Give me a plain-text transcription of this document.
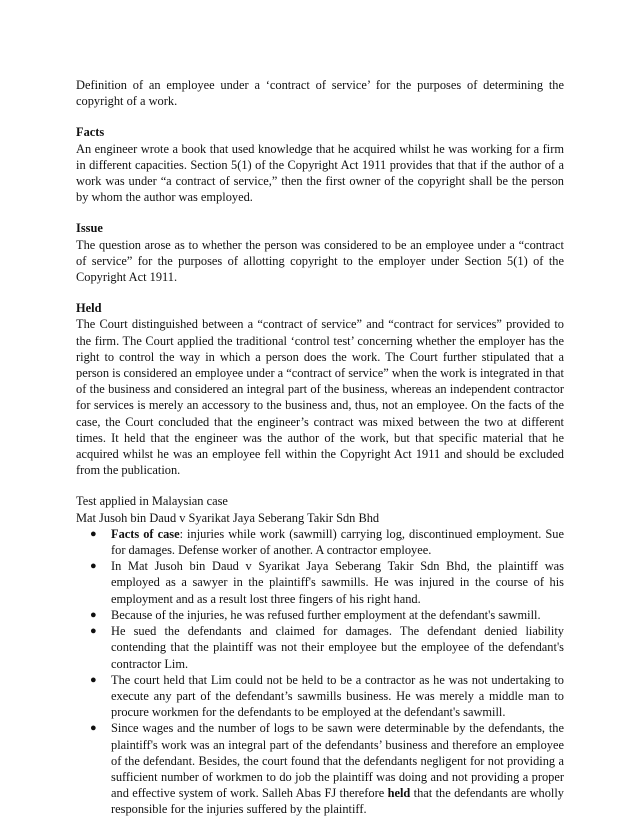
Definition of an employee under a ‘contract of service’ for the purposes of determining the copyright of a work.

Facts

An engineer wrote a book that used knowledge that he acquired whilst he was working for a firm in different capacities. Section 5(1) of the Copyright Act 1911 provides that that if the author of a work was under “a contract of service,” then the first owner of the copyright shall be the person by whom the author was employed.

Issue

The question arose as to whether the person was considered to be an employee under a “contract of service” for the purposes of allotting copyright to the employer under Section 5(1) of the Copyright Act 1911.

Held

The Court distinguished between a “contract of service” and “contract for services” provided to the firm. The Court applied the traditional ‘control test’ concerning whether the employer has the right to control the way in which a person does the work. The Court further stipulated that a person is considered an employee under a “contract of service” when the work is integrated in that of the business and considered an integral part of the business, whereas an independent contractor for services is merely an accessory to the business and, thus, not an employee. On the facts of the case, the Court concluded that the engineer’s contract was mixed between the two at different times. It held that the engineer was the author of the work, but that specific material that he acquired whilst he was an employee fell within the Copyright Act 1911 and should be excluded from the publication.

Test applied in Malaysian case

Mat Jusoh bin Daud v Syarikat Jaya Seberang Takir Sdn Bhd

● Facts of case: injuries while work (sawmill) carrying log, discontinued employment. Sue for damages. Defense worker of another. A contractor employee.
● In Mat Jusoh bin Daud v Syarikat Jaya Seberang Takir Sdn Bhd, the plaintiff was employed as a sawyer in the plaintiff's sawmills. He was injured in the course of his employment and as a result lost three fingers of his right hand.
● Because of the injuries, he was refused further employment at the defendant's sawmill.
● He sued the defendants and claimed for damages. The defendant denied liability contending that the plaintiff was not their employee but the employee of the defendant's contractor Lim.
● The court held that Lim could not be held to be a contractor as he was not undertaking to execute any part of the defendant’s sawmills business. He was merely a middle man to procure workmen for the defendants to be employed at the defendant's sawmill.
● Since wages and the number of logs to be sawn were determinable by the defendants, the plaintiff's work was an integral part of the defendants’ business and therefore an employee of the defendant. Besides, the court found that the defendants negligent for not providing a sufficient number of workmen to do job the plaintiff was doing and not providing a proper and effective system of work. Salleh Abas FJ therefore held that the defendants are wholly responsible for the injuries suffered by the plaintiff.
